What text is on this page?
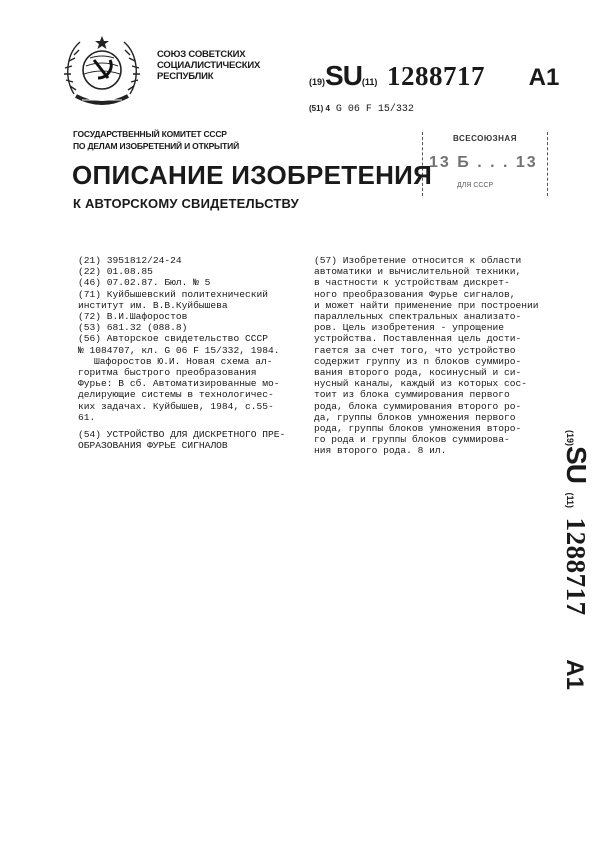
СОЮЗ СОВЕТСКИХ
СОЦИАЛИСТИЧЕСКИХ
РЕСПУБЛИК	(19)SU(11) 1288717 A1
(51) 4 G 06 F 15/332
ГОСУДАРСТВЕННЫЙ КОМИТЕТ СССР
ПО ДЕЛАМ ИЗОБРЕТЕНИЙ И ОТКРЫТИЙ
ВСЕСОЮЗНАЯ
13 Б . . . 13
ДЛЯ СССР
ОПИСАНИЕ ИЗОБРЕТЕНИЯ
К АВТОРСКОМУ СВИДЕТЕЛЬСТВУ
(21) 3951812/24-24
(22) 01.08.85
(46) 07.02.87. Бюл. № 5
(71) Куйбышевский политехнический
институт им. В.В.Куйбышева
(72) В.И.Шафоростов
(53) 681.32 (088.8)
(56) Авторское свидетельство СССР
№ 1084707, кл. G 06 F 15/332, 1984.
Шафоростов Ю.И. Новая схема ал-
горитма быстрого преобразования
Фурье: В сб. Автоматизированные мо-
делирующие системы в технологичес-
ких задачах. Куйбышев, 1984, с.55-
61.
(54) УСТРОЙСТВО ДЛЯ ДИСКРЕТНОГО ПРЕ-
ОБРАЗОВАНИЯ ФУРЬЕ СИГНАЛОВ
(57) Изобретение относится к области
автоматики и вычислительной техники,
в частности к устройствам дискрет-
ного преобразования Фурье сигналов,
и может найти применение при построении
параллельных спектральных анализато-
ров. Цель изобретения - упрощение
устройства. Поставленная цель дости-
гается за счет того, что устройство
содержит группу из n блоков суммиро-
вания второго рода, косинусный и си-
нусный каналы, каждый из которых сос-
тоит из блока суммирования первого
рода, блока суммирования второго ро-
да, группы блоков умножения первого
рода, группы блоков умножения второ-
го рода и группы блоков суммирова-
ния второго рода. 8 ил.
(19)SU (11) 1288717 A1
